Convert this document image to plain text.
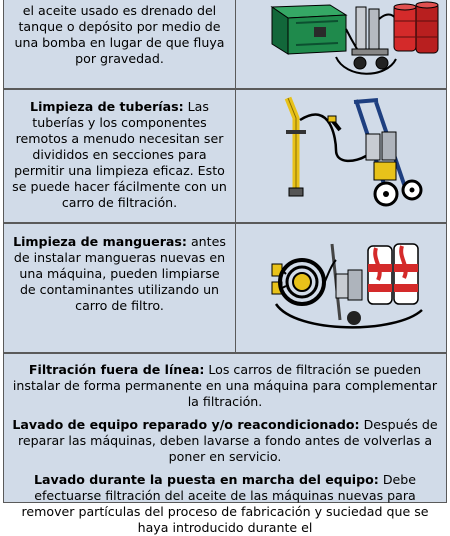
el aceite usado es drenado del tanque o depósito por medio de una bomba en lugar de que fluya por gravedad.
Limpieza de tuberías: Las tuberías y los componentes remotos a menudo necesitan ser divididos en secciones para permitir una limpieza eficaz. Esto se puede hacer fácilmente con un carro de filtración.
Limpieza de mangueras: antes de instalar mangueras nuevas en una máquina, pueden limpiarse de contaminantes utilizando un carro de filtro.

Filtración fuera de línea: Los carros de filtración se pueden instalar de forma permanente en una máquina para complementar la filtración.

Lavado de equipo reparado y/o reacondicionado: Después de reparar las máquinas, deben lavarse a fondo antes de volverlas a poner en servicio.

Lavado durante la puesta en marcha del equipo: Debe efectuarse filtración del aceite de las máquinas nuevas para remover partículas del proceso de fabricación y suciedad que se haya introducido durante el
